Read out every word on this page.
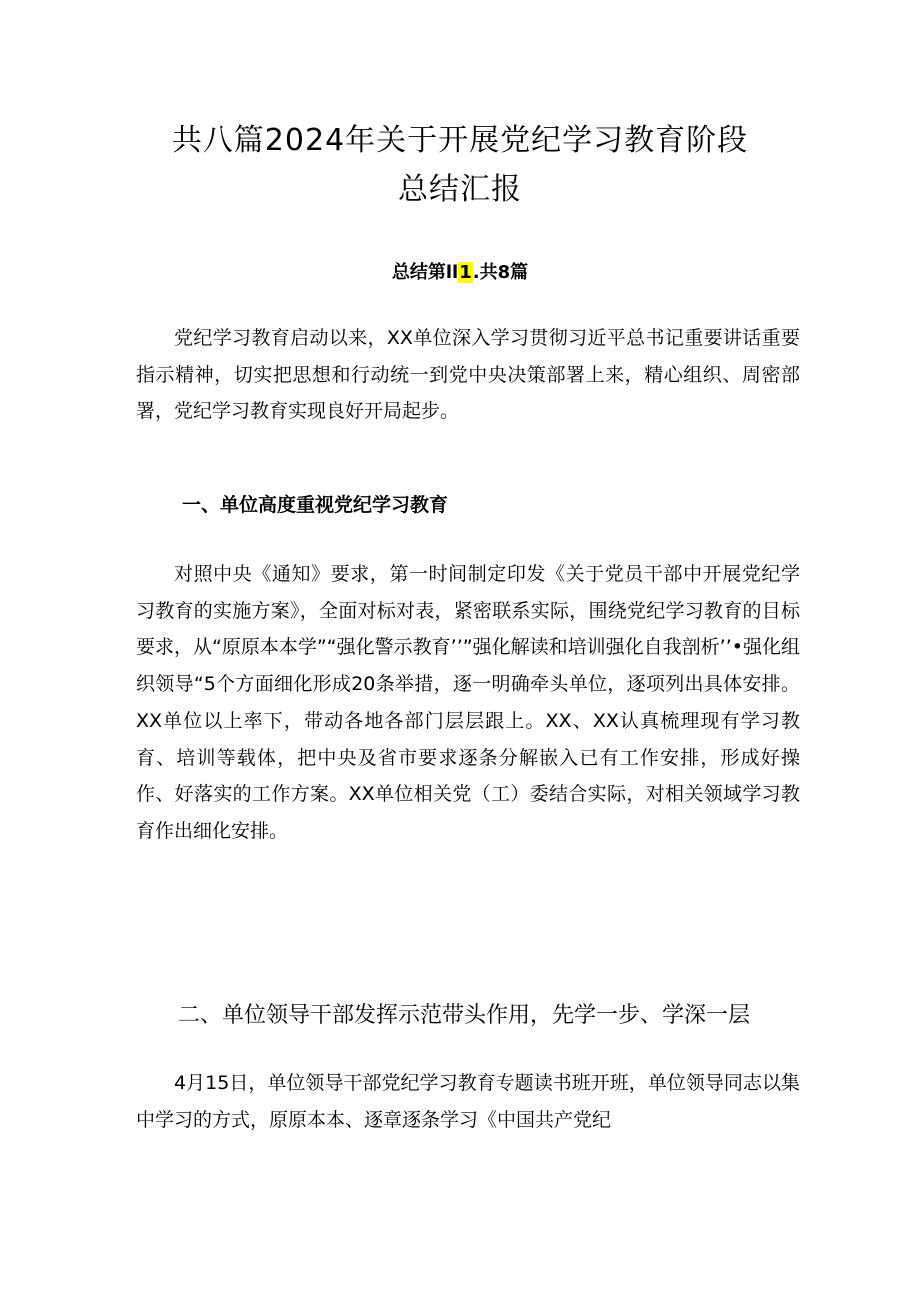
共八篇2024年关于开展党纪学习教育阶段
总结汇报
总结第ll1.共8篇

党纪学习教育启动以来，XX单位深入学习贯彻习近平总书记重要讲话重要指示精神，切实把思想和行动统一到党中央决策部署上来，精心组织、周密部署，党纪学习教育实现良好开局起步。

一、单位高度重视党纪学习教育

对照中央《通知》要求，第一时间制定印发《关于党员干部中开展党纪学习教育的实施方案》，全面对标对表，紧密联系实际，围绕党纪学习教育的目标要求，从“原原本本学”“强化警示教育’’”强化解读和培训强化自我剖析’’•强化组织领导“5个方面细化形成20条举措，逐一明确牵头单位，逐项列出具体安排。XX单位以上率下，带动各地各部门层层跟上。XX、XX认真梳理现有学习教育、培训等载体，把中央及省市要求逐条分解嵌入已有工作安排，形成好操作、好落实的工作方案。XX单位相关党（工）委结合实际，对相关领域学习教育作出细化安排。

二、单位领导干部发挥示范带头作用，先学一步、学深一层

4月15日，单位领导干部党纪学习教育专题读书班开班，单位领导同志以集中学习的方式，原原本本、逐章逐条学习《中国共产党纪
